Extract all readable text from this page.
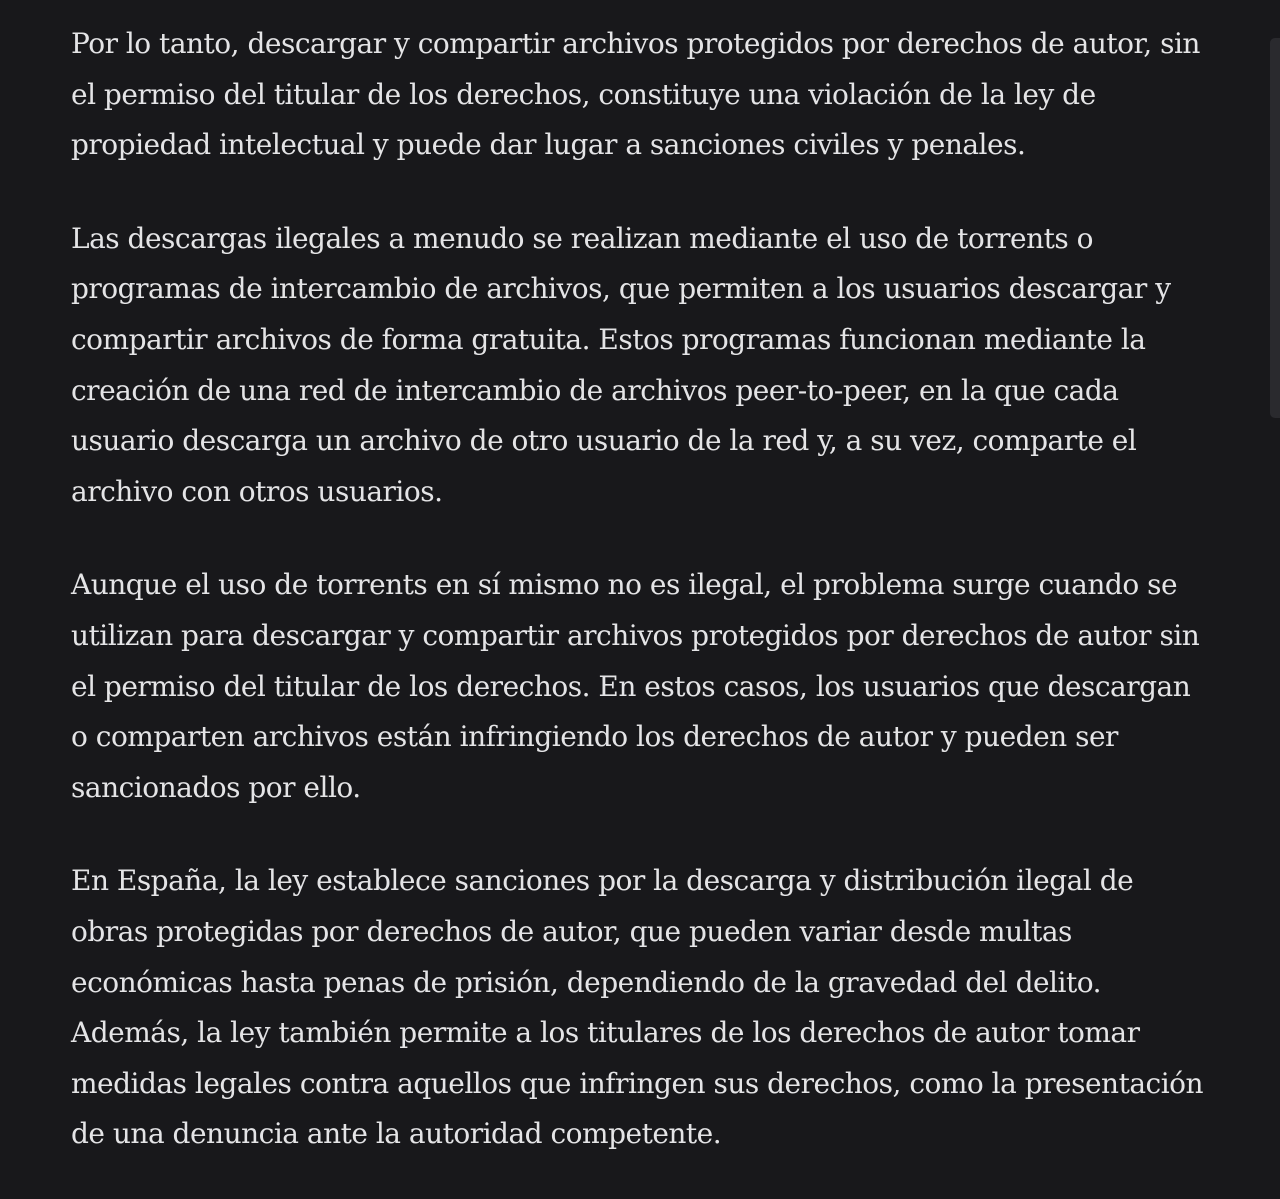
Por lo tanto, descargar y compartir archivos protegidos por derechos de autor, sin
el permiso del titular de los derechos, constituye una violación de la ley de
propiedad intelectual y puede dar lugar a sanciones civiles y penales.

Las descargas ilegales a menudo se realizan mediante el uso de torrents o
programas de intercambio de archivos, que permiten a los usuarios descargar y
compartir archivos de forma gratuita. Estos programas funcionan mediante la
creación de una red de intercambio de archivos peer-to-peer, en la que cada
usuario descarga un archivo de otro usuario de la red y, a su vez, comparte el
archivo con otros usuarios.

Aunque el uso de torrents en sí mismo no es ilegal, el problema surge cuando se
utilizan para descargar y compartir archivos protegidos por derechos de autor sin
el permiso del titular de los derechos. En estos casos, los usuarios que descargan
o comparten archivos están infringiendo los derechos de autor y pueden ser
sancionados por ello.

En España, la ley establece sanciones por la descarga y distribución ilegal de
obras protegidas por derechos de autor, que pueden variar desde multas
económicas hasta penas de prisión, dependiendo de la gravedad del delito.
Además, la ley también permite a los titulares de los derechos de autor tomar
medidas legales contra aquellos que infringen sus derechos, como la presentación
de una denuncia ante la autoridad competente.
